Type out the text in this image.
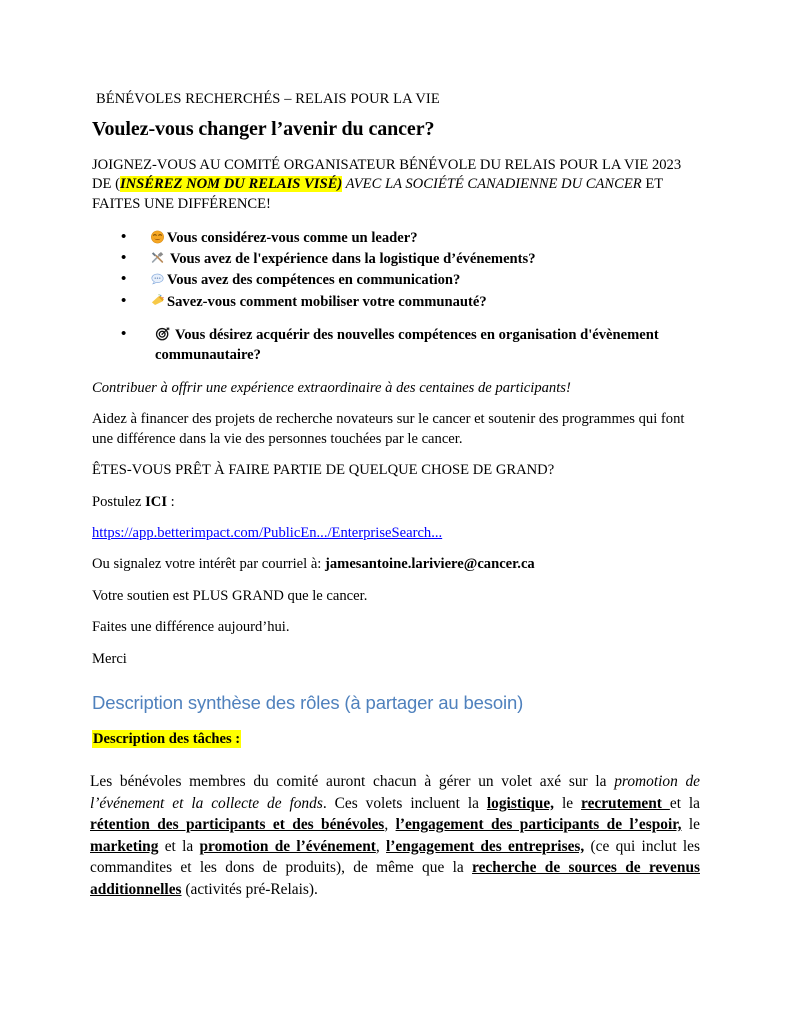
BÉNÉVOLES RECHERCHÉS – RELAIS POUR LA VIE

Voulez-vous changer l’avenir du cancer?

JOIGNEZ-VOUS AU COMITÉ ORGANISATEUR BÉNÉVOLE DU RELAIS POUR LA VIE 2023 DE (INSÉREZ NOM DU RELAIS VISÉ) AVEC LA SOCIÉTÉ CANADIENNE DU CANCER ET FAITES UNE DIFFÉRENCE!

• Vous considérez-vous comme un leader?
• Vous avez de l'expérience dans la logistique d’événements?
• Vous avez des compétences en communication?
• Savez-vous comment mobiliser votre communauté?
• Vous désirez acquérir des nouvelles compétences en organisation d'évènement communautaire?

Contribuer à offrir une expérience extraordinaire à des centaines de participants!

Aidez à financer des projets de recherche novateurs sur le cancer et soutenir des programmes qui font une différence dans la vie des personnes touchées par le cancer.

ÊTES-VOUS PRÊT À FAIRE PARTIE DE QUELQUE CHOSE DE GRAND?

Postulez ICI :

https://app.betterimpact.com/PublicEn.../EnterpriseSearch...

Ou signalez votre intérêt par courriel à: jamesantoine.lariviere@cancer.ca

Votre soutien est PLUS GRAND que le cancer.

Faites une différence aujourd’hui.

Merci

Description synthèse des rôles (à partager au besoin)

Description des tâches :

Les bénévoles membres du comité auront chacun à gérer un volet axé sur la promotion de l’événement et la collecte de fonds. Ces volets incluent la logistique, le recrutement et la rétention des participants et des bénévoles, l’engagement des participants de l’espoir, le marketing et la promotion de l’événement, l’engagement des entreprises, (ce qui inclut les commandites et les dons de produits), de même que la recherche de sources de revenus additionnelles (activités pré-Relais).
